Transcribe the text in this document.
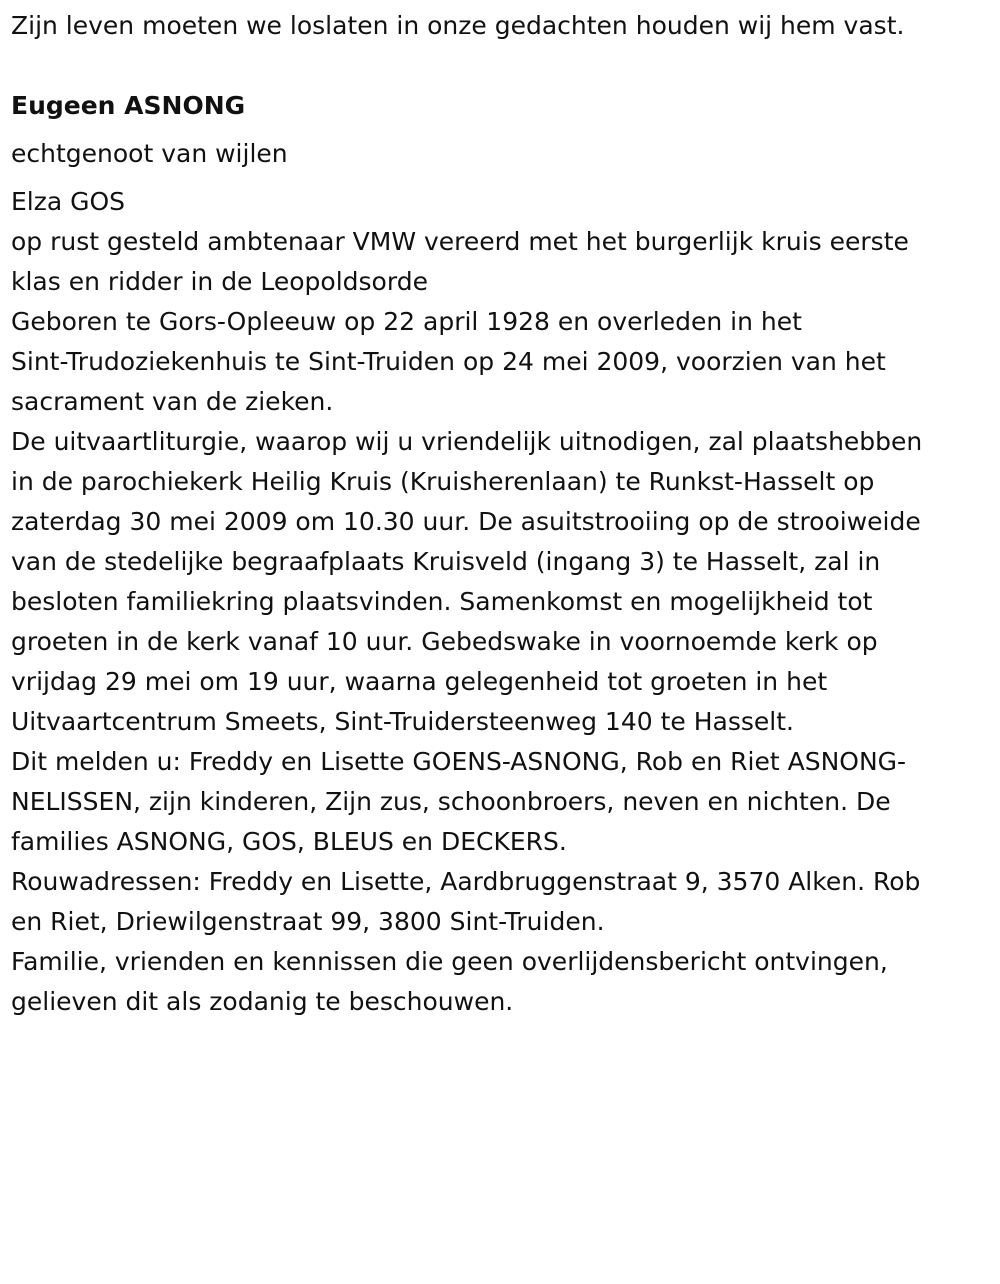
Zijn leven moeten we loslaten in onze gedachten houden wij hem vast.

Eugeen ASNONG

echtgenoot van wijlen

Elza GOS

op rust gesteld ambtenaar VMW vereerd met het burgerlijk kruis eerste
klas en ridder in de Leopoldsorde

Geboren te Gors-Opleeuw op 22 april 1928 en overleden in het
Sint-Trudoziekenhuis te Sint-Truiden op 24 mei 2009, voorzien van het
sacrament van de zieken.

De uitvaartliturgie, waarop wij u vriendelijk uitnodigen, zal plaatshebben
in de parochiekerk Heilig Kruis (Kruisherenlaan) te Runkst-Hasselt op
zaterdag 30 mei 2009 om 10.30 uur. De asuitstrooiing op de strooiweide
van de stedelijke begraafplaats Kruisveld (ingang 3) te Hasselt, zal in
besloten familiekring plaatsvinden. Samenkomst en mogelijkheid tot
groeten in de kerk vanaf 10 uur. Gebedswake in voornoemde kerk op
vrijdag 29 mei om 19 uur, waarna gelegenheid tot groeten in het
Uitvaartcentrum Smeets, Sint-Truidersteenweg 140 te Hasselt.

Dit melden u: Freddy en Lisette GOENS-ASNONG, Rob en Riet ASNONG-
NELISSEN, zijn kinderen, Zijn zus, schoonbroers, neven en nichten. De
families ASNONG, GOS, BLEUS en DECKERS.

Rouwadressen: Freddy en Lisette, Aardbruggenstraat 9, 3570 Alken. Rob
en Riet, Driewilgenstraat 99, 3800 Sint-Truiden.

Familie, vrienden en kennissen die geen overlijdensbericht ontvingen,
gelieven dit als zodanig te beschouwen.
